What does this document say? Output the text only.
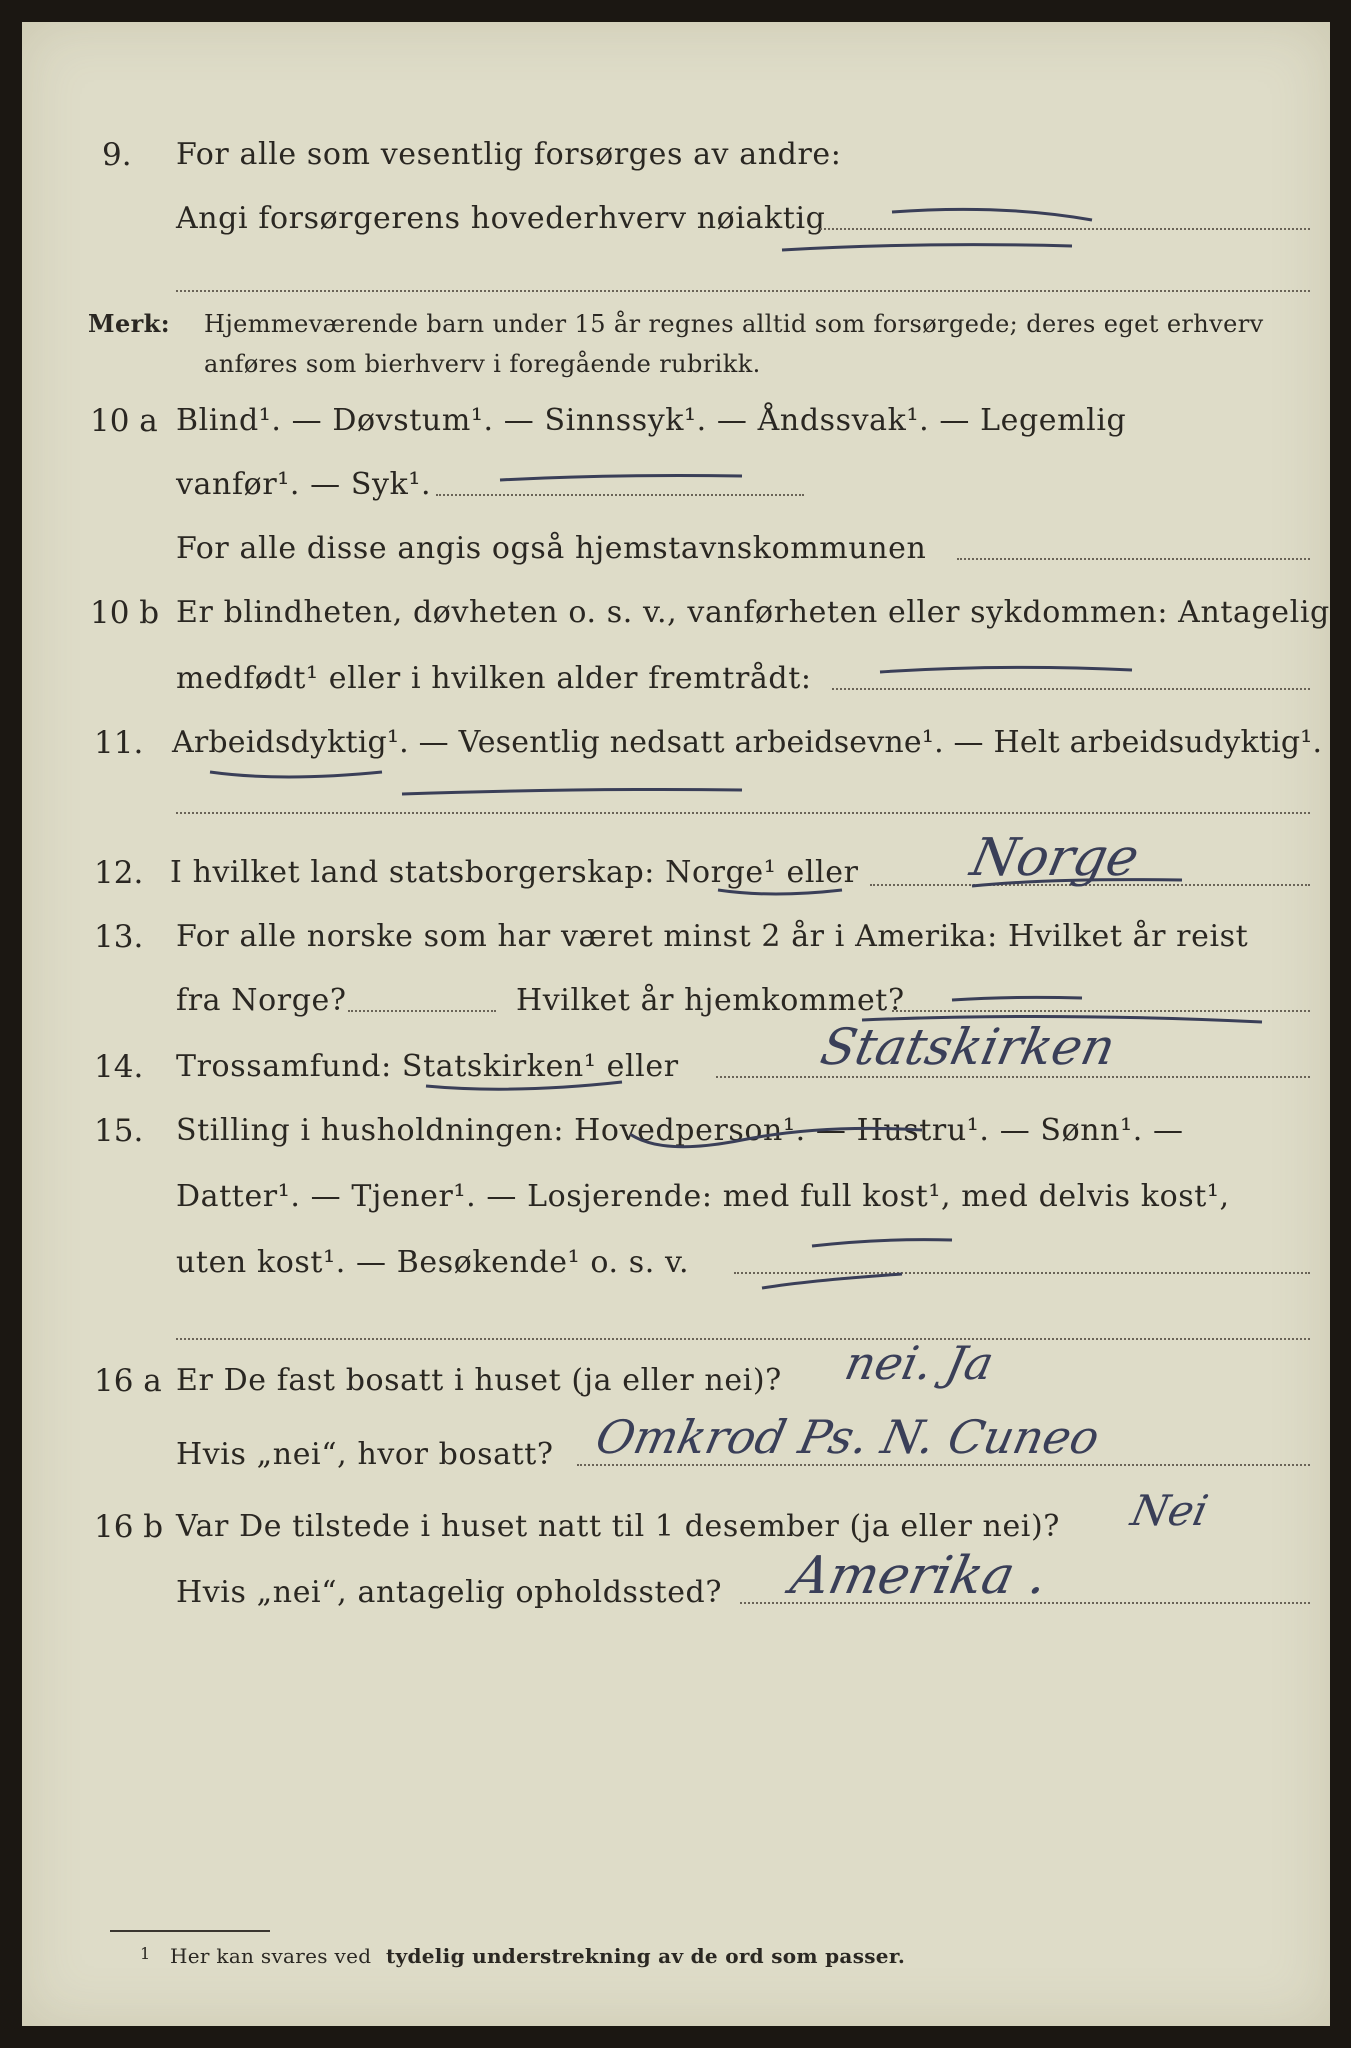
9. For alle som vesentlig forsørges av andre:
Angi forsørgerens hovederhverv nøiaktig
Merk: Hjemmeværende barn under 15 år regnes alltid som forsørgede; deres eget erhverv
anføres som bierhverv i foregående rubrikk.
10 a Blind¹. — Døvstum¹. — Sinnssyk¹. — Åndssvak¹. — Legemlig
vanfør¹. — Syk¹.
For alle disse angis også hjemstavnskommunen
10 b Er blindheten, døvheten o. s. v., vanførheten eller sykdommen: Antagelig
medfødt¹ eller i hvilken alder fremtrådt:
11. Arbeidsdyktig¹. — Vesentlig nedsatt arbeidsevne¹. — Helt arbeidsudyktig¹.
12. I hvilket land statsborgerskap: Norge¹ eller Norge
13. For alle norske som har været minst 2 år i Amerika: Hvilket år reist
fra Norge?	Hvilket år hjemkommet?
14. Trossamfund: Statskirken¹ eller	Statskirken
15. Stilling i husholdningen: Hovedperson¹. — Hustru¹. — Sønn¹. —
Datter¹. — Tjener¹. — Losjerende: med full kost¹, med delvis kost¹,
uten kost¹. — Besøkende¹ o. s. v.
16 a Er De fast bosatt i huset (ja eller nei)? nei. Ja
Hvis „nei“, hvor bosatt? Omkrod Ps. N. Cuneo
16 b Var De tilstede i huset natt til 1 desember (ja eller nei)? Nei
Hvis „nei“, antagelig opholdssted? Amerika .
1 Her kan svares ved tydelig understrekning av de ord som passer.
